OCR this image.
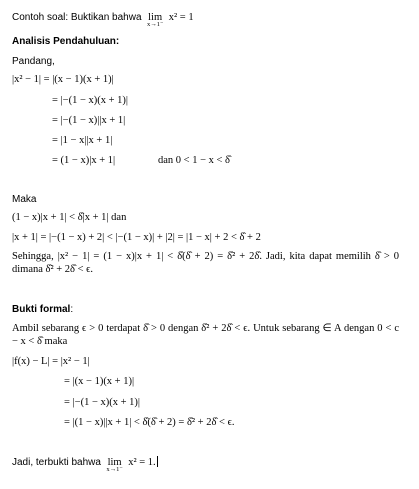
Contoh soal: Buktikan bahwa lim
x→1⁻
x² = 1
Analisis Pendahuluan:
Pandang,
|x² − 1| = |(x − 1)(x + 1)|
= |−(1 − x)(x + 1)|
= |−(1 − x)||x + 1|
= |1 − x||x + 1|
= (1 − x)|x + 1|	dan 0 < 1 − x < δ̂
Maka
(1 − x)|x + 1| < δ̂|x + 1| dan
|x + 1| = |−(1 − x) + 2| < |−(1 − x)| + |2| = |1 − x| + 2 < δ̂ + 2
Sehingga, |x² − 1| = (1 − x)|x + 1| < δ̂(δ̂ + 2) = δ̂² + 2δ̂. Jadi, kita dapat memilih δ̂ > 0 dimana δ̂² + 2δ̂ < ϵ.
Bukti formal:
Ambil sebarang ϵ > 0 terdapat δ̂ > 0 dengan δ̂² + 2δ̂ < ϵ. Untuk sebarang ∈ A dengan 0 < c − x < δ̂ maka
|f(x) − L| = |x² − 1|
= |(x − 1)(x + 1)|
= |−(1 − x)(x + 1)|
= |(1 − x)||x + 1| < δ̂(δ̂ + 2) = δ̂² + 2δ̂ < ϵ.
Jadi, terbukti bahwa lim
x→1⁻
x² = 1.
